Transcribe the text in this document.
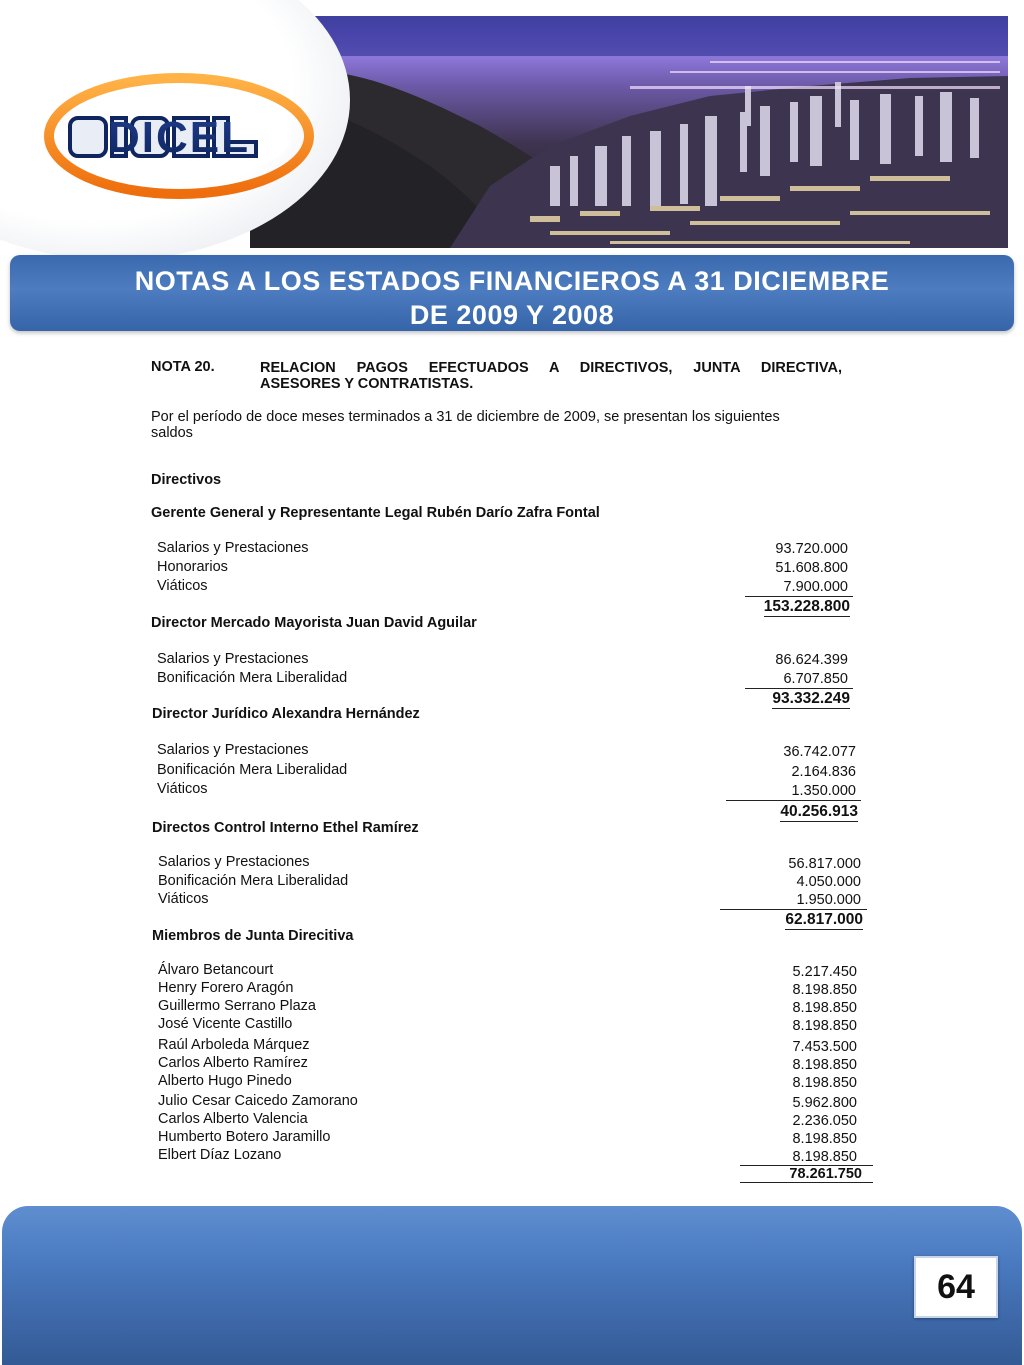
DICEL
NOTAS A LOS ESTADOS FINANCIEROS A 31 DICIEMBRE
DE 2009 Y 2008
NOTA 20.	RELACION PAGOS EFECTUADOS A DIRECTIVOS, JUNTA DIRECTIVA,
ASESORES Y CONTRATISTAS.
Por el período de doce meses terminados a 31 de diciembre de 2009, se presentan los siguientes
saldos
Directivos
Gerente General y Representante Legal Rubén Darío Zafra Fontal
Salarios y Prestaciones	93.720.000
Honorarios	51.608.800
Viáticos	7.900.000
153.228.800
Director Mercado Mayorista Juan David Aguilar
Salarios y Prestaciones	86.624.399
Bonificación Mera Liberalidad	6.707.850
93.332.249
Director Jurídico Alexandra Hernández
Salarios y Prestaciones	36.742.077
Bonificación Mera Liberalidad	2.164.836
Viáticos	1.350.000
40.256.913
Directos Control Interno Ethel Ramírez
Salarios y Prestaciones	56.817.000
Bonificación Mera Liberalidad	4.050.000
Viáticos	1.950.000
62.817.000
Miembros de Junta Direcitiva
Álvaro Betancourt	5.217.450
Henry Forero Aragón	8.198.850
Guillermo Serrano Plaza	8.198.850
José Vicente Castillo	8.198.850
Raúl Arboleda Márquez	7.453.500
Carlos Alberto Ramírez	8.198.850
Alberto Hugo Pinedo	8.198.850
Julio Cesar Caicedo Zamorano	5.962.800
Carlos Alberto Valencia	2.236.050
Humberto Botero Jaramillo	8.198.850
Elbert Díaz Lozano	8.198.850
78.261.750
64
